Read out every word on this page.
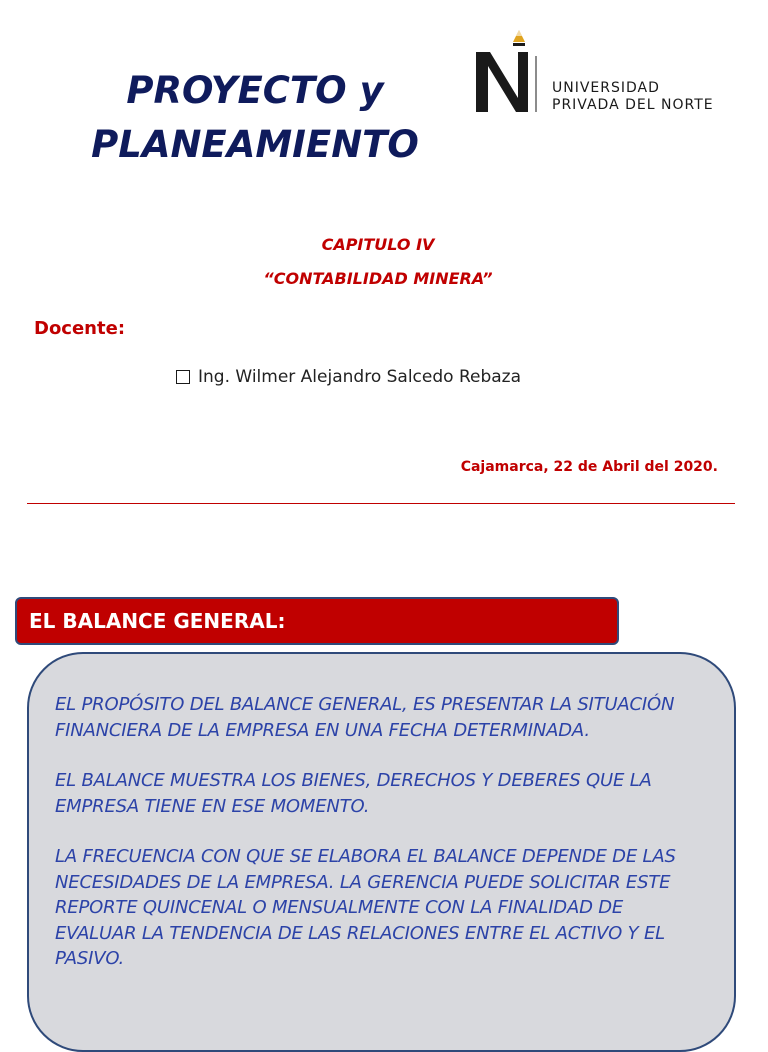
PROYECTO y
PLANEAMIENTO
UNIVERSIDAD
PRIVADA DEL NORTE
CAPITULO IV
“CONTABILIDAD MINERA”
Docente:
Ing. Wilmer Alejandro Salcedo Rebaza
Cajamarca, 22 de Abril del 2020.
EL BALANCE GENERAL:

EL PROPÓSITO DEL BALANCE GENERAL, ES PRESENTAR LA SITUACIÓN FINANCIERA DE LA EMPRESA EN UNA FECHA DETERMINADA.

EL BALANCE MUESTRA LOS BIENES, DERECHOS Y DEBERES QUE LA EMPRESA TIENE EN ESE MOMENTO.

LA FRECUENCIA CON QUE SE ELABORA EL BALANCE DEPENDE DE LAS NECESIDADES DE LA EMPRESA. LA GERENCIA PUEDE SOLICITAR ESTE REPORTE QUINCENAL O MENSUALMENTE CON LA FINALIDAD DE EVALUAR LA TENDENCIA DE LAS RELACIONES ENTRE EL ACTIVO Y EL PASIVO.
